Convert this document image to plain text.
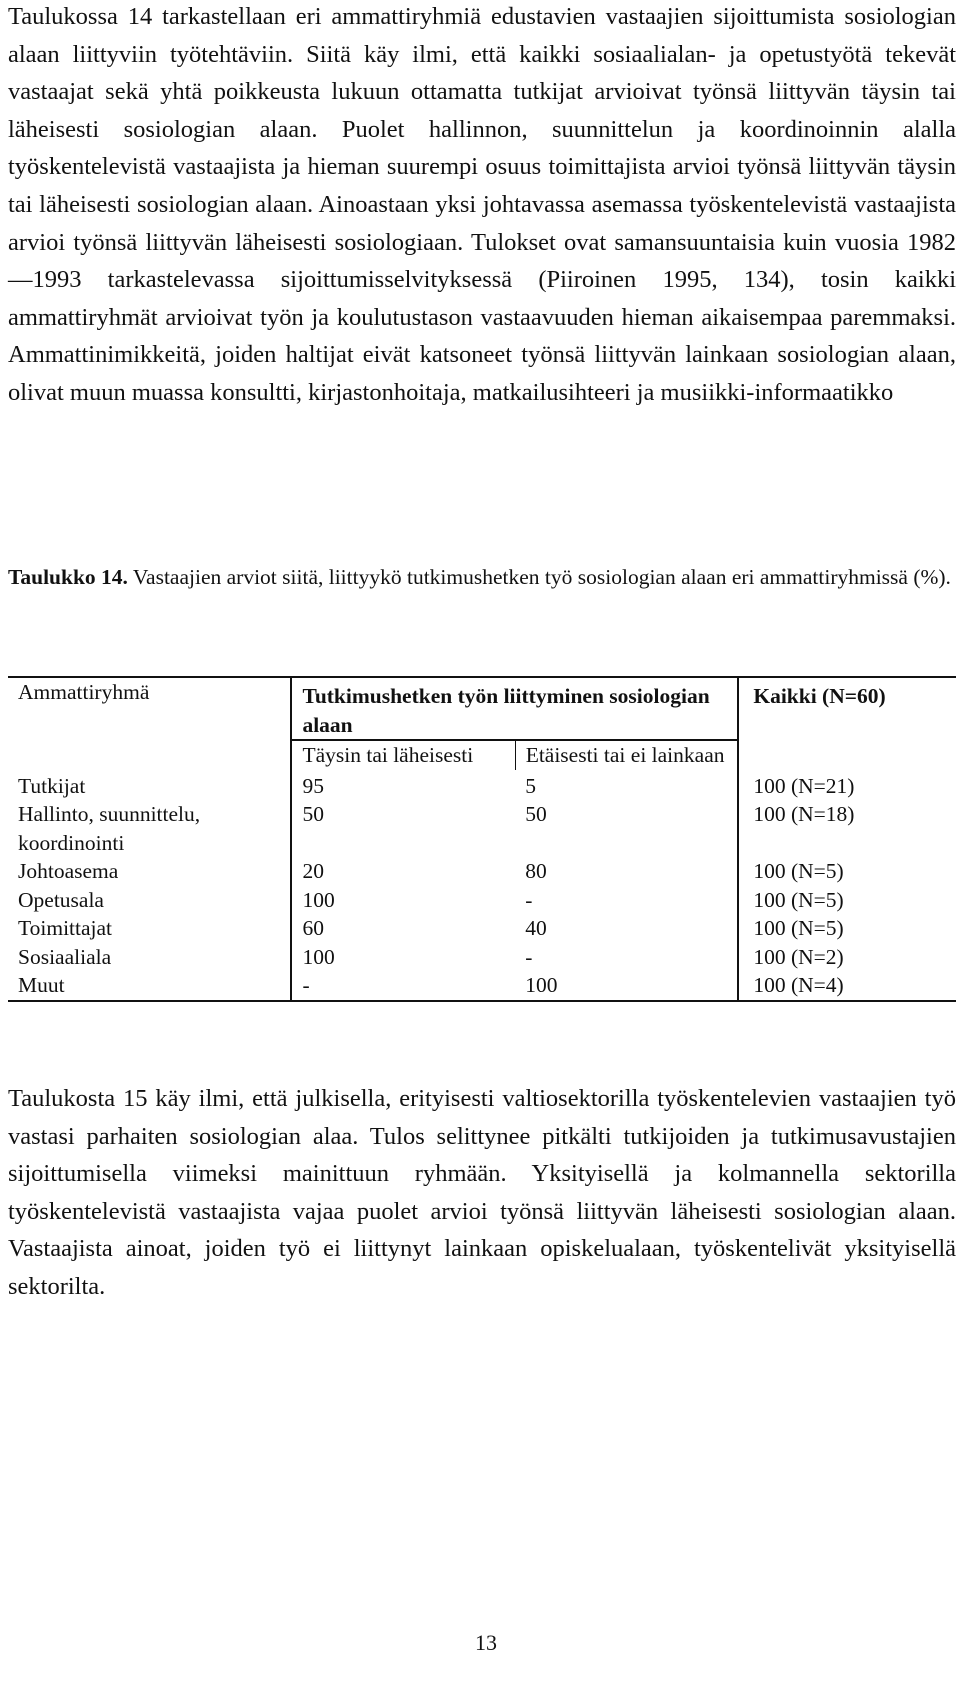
Taulukossa 14 tarkastellaan eri ammattiryhmiä edustavien vastaajien sijoittumista sosiologian alaan liittyviin työtehtäviin. Siitä käy ilmi, että kaikki sosiaalialan- ja opetustyötä tekevät vastaajat sekä yhtä poikkeusta lukuun ottamatta tutkijat arvioivat työnsä liittyvän täysin tai läheisesti sosiologian alaan. Puolet hallinnon, suunnittelun ja koordinoinnin alalla työskentelevistä vastaajista ja hieman suurempi osuus toimittajista arvioi työnsä liittyvän täysin tai läheisesti sosiologian alaan. Ainoastaan yksi johtavassa asemassa työskentelevistä vastaajista arvioi työnsä liittyvän läheisesti sosiologiaan. Tulokset ovat samansuuntaisia kuin vuosia 1982—1993 tarkastelevassa sijoittumisselvityksessä (Piiroinen 1995, 134), tosin kaikki ammattiryhmät arvioivat työn ja koulutustason vastaavuuden hieman aikaisempaa paremmaksi. Ammattinimikkeitä, joiden haltijat eivät katsoneet työnsä liittyvän lainkaan sosiologian alaan, olivat muun muassa konsultti, kirjastonhoitaja, matkailusihteeri ja musiikki-informaatikko

Taulukko 14. Vastaajien arviot siitä, liittyykö tutkimushetken työ sosiologian alaan eri ammattiryhmissä (%).

Ammattiryhmä	Tutkimushetken työn liittyminen sosiologian alaan		Kaikki (N=60)
	Täysin tai läheisesti	Etäisesti tai ei lainkaan	
Tutkijat	95	5	100 (N=21)
Hallinto, suunnittelu, koordinointi	50	50	100 (N=18)
Johtoasema	20	80	100 (N=5)
Opetusala	100	-	100 (N=5)
Toimittajat	60	40	100 (N=5)
Sosiaaliala	100	-	100 (N=2)
Muut	-	100	100 (N=4)

Taulukosta 15 käy ilmi, että julkisella, erityisesti valtiosektorilla työskentelevien vastaajien työ vastasi parhaiten sosiologian alaa. Tulos selittynee pitkälti tutkijoiden ja tutkimusavustajien sijoittumisella viimeksi mainittuun ryhmään. Yksityisellä ja kolmannella sektorilla työskentelevistä vastaajista vajaa puolet arvioi työnsä liittyvän läheisesti sosiologian alaan. Vastaajista ainoat, joiden työ ei liittynyt lainkaan opiskelualaan, työskentelivät yksityisellä sektorilta.

13
